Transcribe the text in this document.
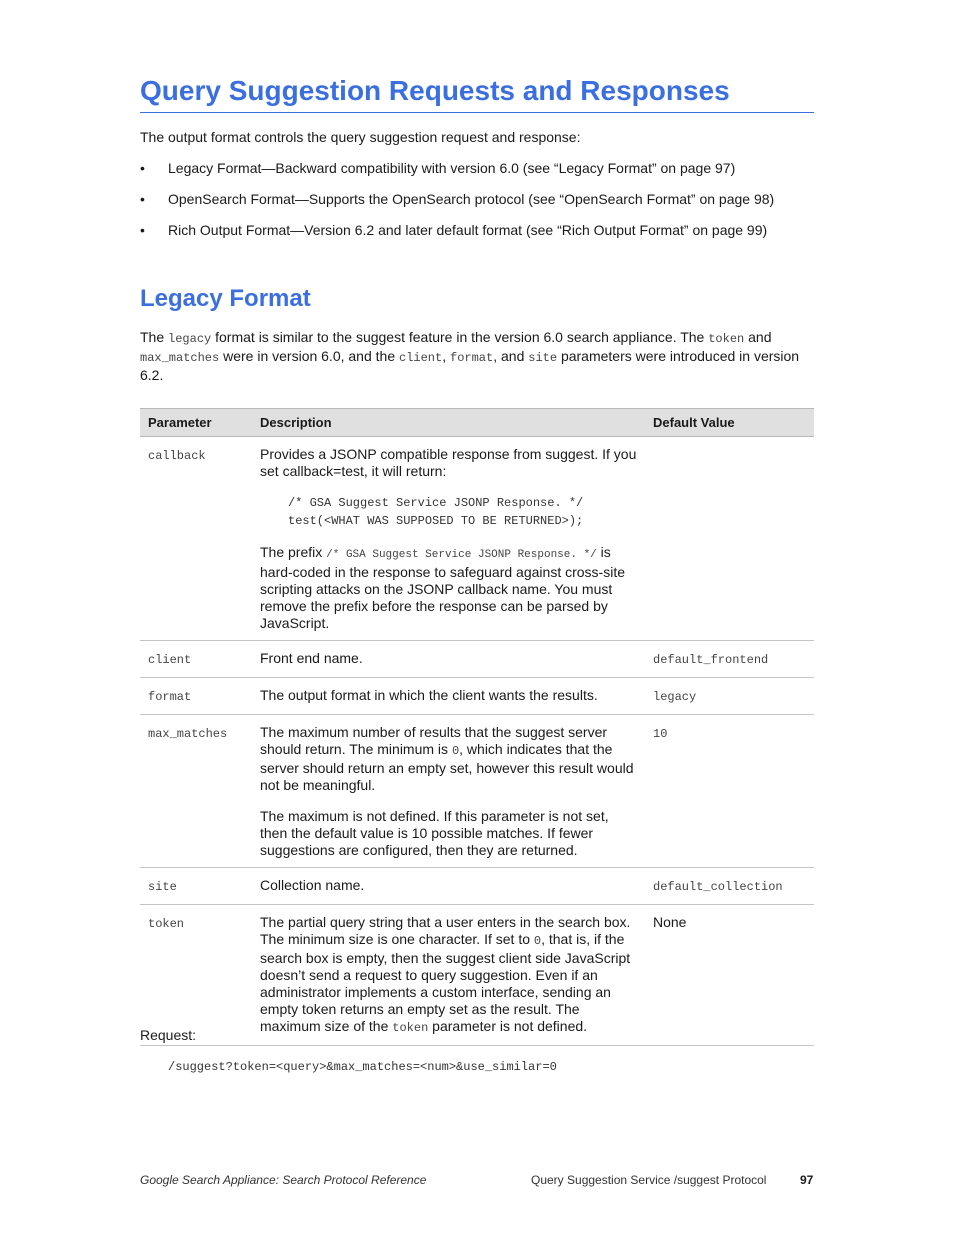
Query Suggestion Requests and Responses

The output format controls the query suggestion request and response:

• Legacy Format—Backward compatibility with version 6.0 (see “Legacy Format” on page 97)
• OpenSearch Format—Supports the OpenSearch protocol (see “OpenSearch Format” on page 98)
• Rich Output Format—Version 6.2 and later default format (see “Rich Output Format” on page 99)
Legacy Format

The legacy format is similar to the suggest feature in the version 6.0 search appliance. The token and max_matches were in version 6.0, and the client, format, and site parameters were introduced in version 6.2.

Parameter	Description	Default Value
callback	Provides a JSONP compatible response from suggest. If you set callback=test, it will return:

/* GSA Suggest Service JSONP Response. */
test(<WHAT WAS SUPPOSED TO BE RETURNED>);

The prefix /* GSA Suggest Service JSONP Response. */ is hard-coded in the response to safeguard against cross-site scripting attacks on the JSONP callback name. You must remove the prefix before the response can be parsed by JavaScript.	

client	Front end name.	default_frontend
format	The output format in which the client wants the results.	legacy
max_matches	The maximum number of results that the suggest server should return. The minimum is 0, which indicates that the server should return an empty set, however this result would not be meaningful.

The maximum is not defined. If this parameter is not set, then the default value is 10 possible matches. If fewer suggestions are configured, then they are returned.	10
site	Collection name.	default_collection
token	The partial query string that a user enters in the search box. The minimum size is one character. If set to 0, that is, if the search box is empty, then the suggest client side JavaScript doesn’t send a request to query suggestion. Even if an administrator implements a custom interface, sending an empty token returns an empty set as the result. The maximum size of the token parameter is not defined.	None

Request:

/suggest?token=<query>&max_matches=<num>&use_similar=0
Google Search Appliance: Search Protocol Reference	Query Suggestion Service /suggest Protocol	97
